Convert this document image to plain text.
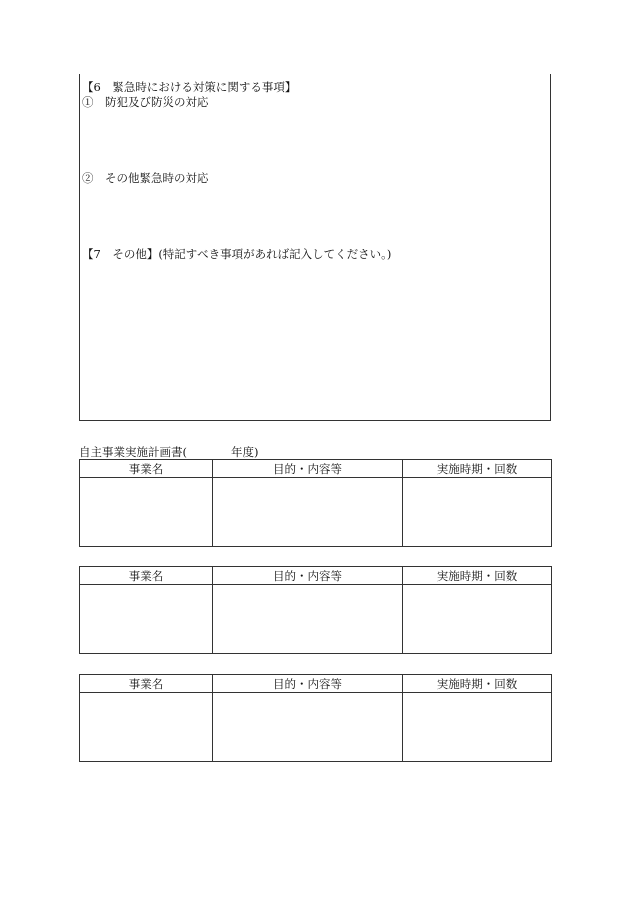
【6　緊急時における対策に関する事項】
①　防犯及び防災の対応
②　その他緊急時の対応
【7　その他】(特記すべき事項があれば記入してください。)
自主事業実施計画書(	年度)
事業名	目的・内容等	実施時期・回数

事業名	目的・内容等	実施時期・回数

事業名	目的・内容等	実施時期・回数
